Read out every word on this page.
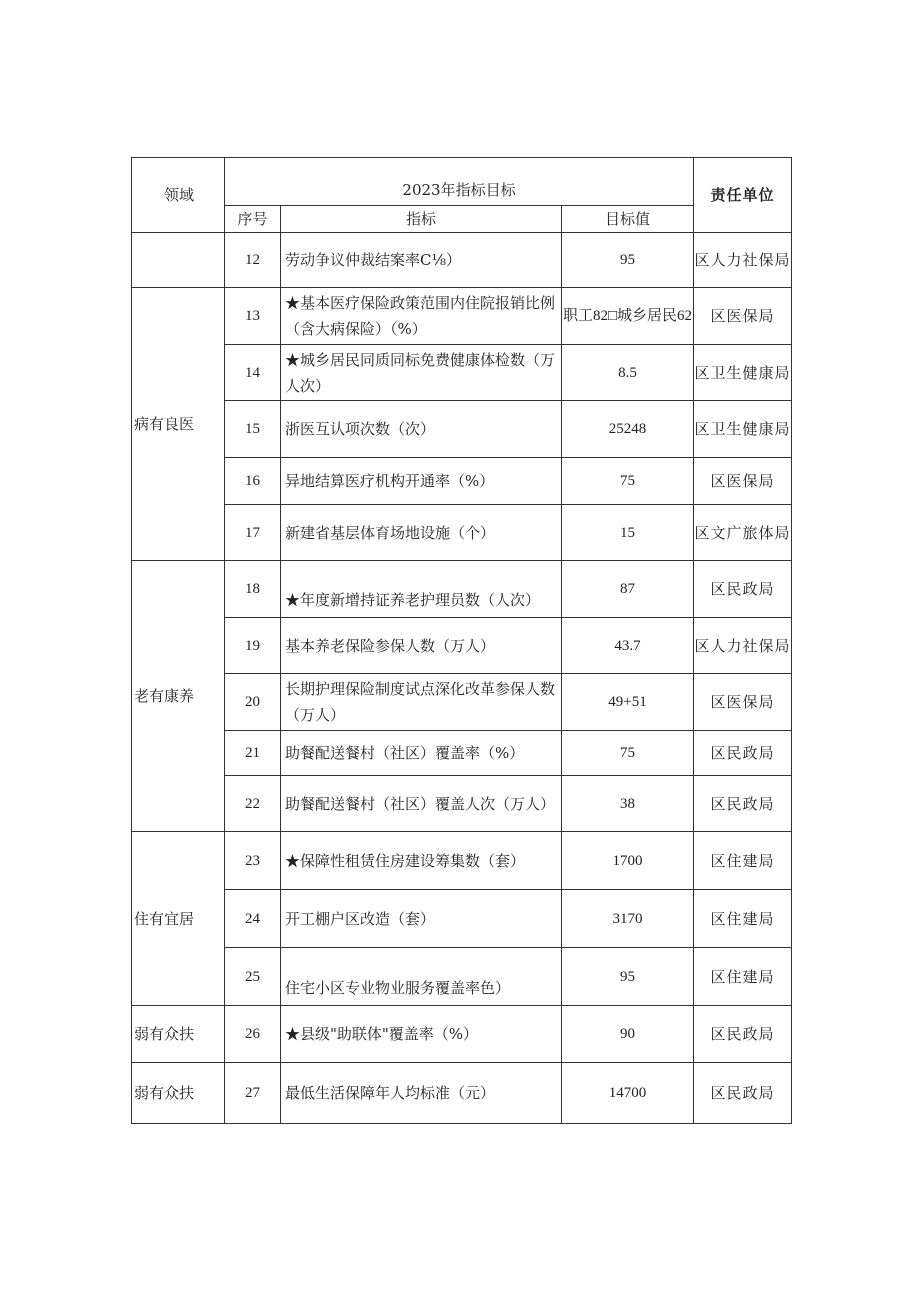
领域	2023年指标目标			责任单位
	序号	指标	目标值	
	12	劳动争议仲裁结案率C⅛）	95	区人力社保局
病有良医	13	★基本医疗保险政策范围内住院报销比例（含大病保险）（%）	职工82□城乡居民62	区医保局
	14	★城乡居民同质同标免费健康体检数（万人次）	8.5	区卫生健康局
	15	浙医互认项次数（次）	25248	区卫生健康局
	16	异地结算医疗机构开通率（%）	75	区医保局
	17	新建省基层体育场地设施（个）	15	区文广旅体局
老有康养	18	★年度新增持证养老护理员数（人次）	87	区民政局
	19	基本养老保险参保人数（万人）	43.7	区人力社保局
	20	长期护理保险制度试点深化改革参保人数（万人）	49+51	区医保局
	21	助餐配送餐村（社区）覆盖率（%）	75	区民政局
	22	助餐配送餐村（社区）覆盖人次（万人）	38	区民政局
住有宜居	23	★保障性租赁住房建设筹集数（套）	1700	区住建局
	24	开工棚户区改造（套）	3170	区住建局
	25	住宅小区专业物业服务覆盖率色）	95	区住建局
弱有众扶	26	★县级"助联体"覆盖率（%）	90	区民政局
弱有众扶	27	最低生活保障年人均标准（元）	14700	区民政局
